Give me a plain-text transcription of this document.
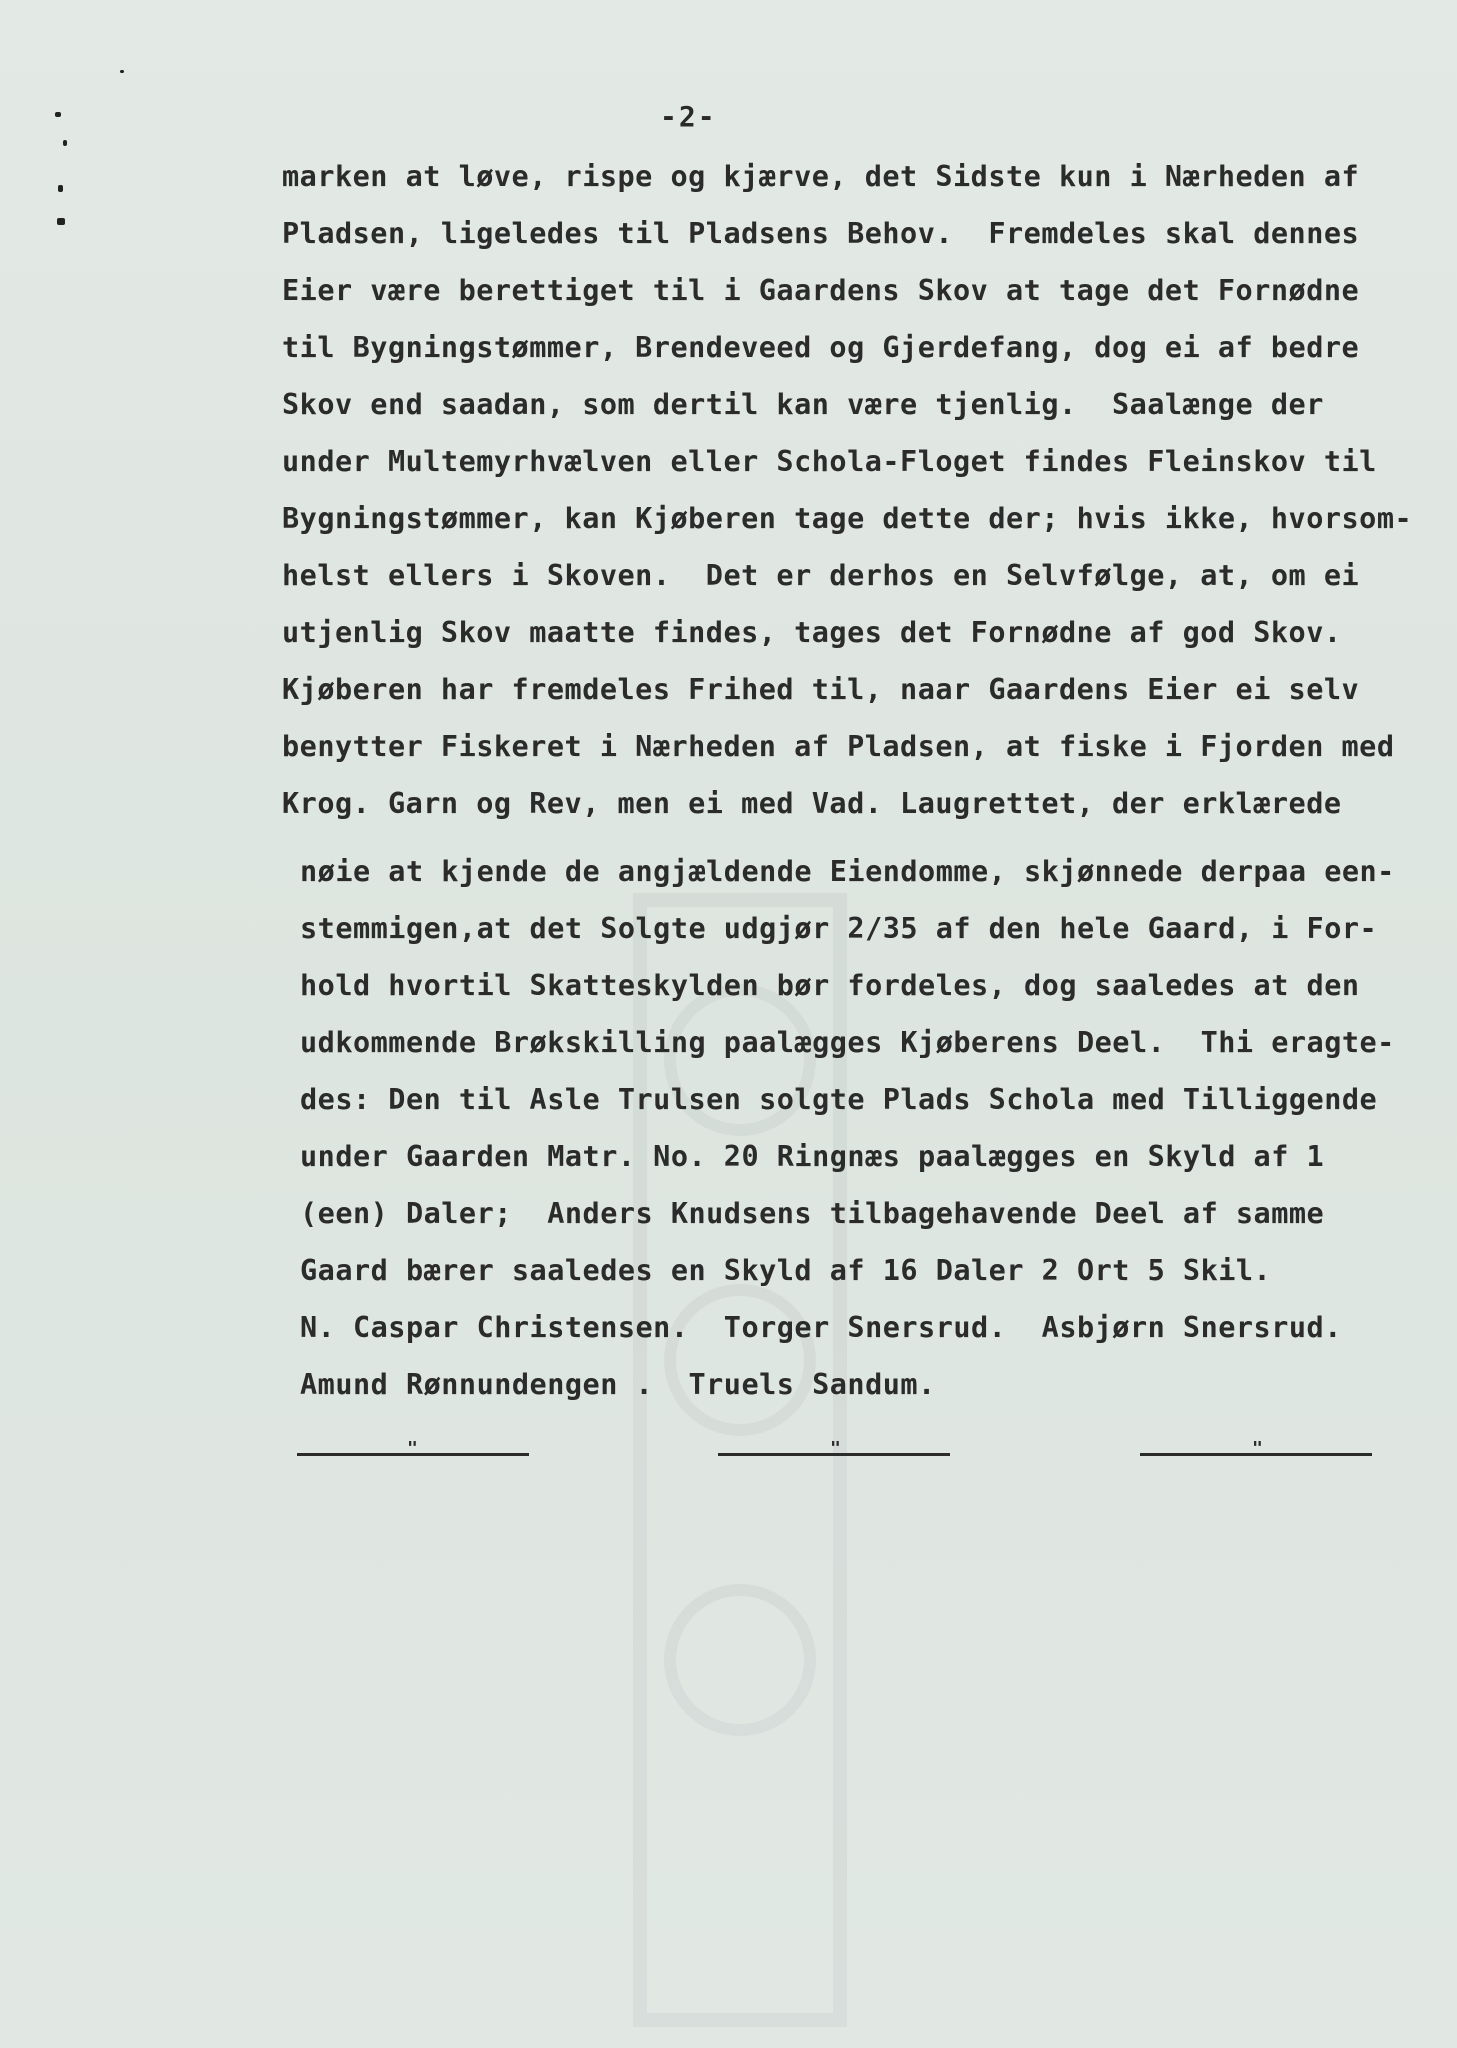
-2-
marken at løve, rispe og kjærve, det Sidste kun i Nærheden af
Pladsen, ligeledes til Pladsens Behov.  Fremdeles skal dennes
Eier være berettiget til i Gaardens Skov at tage det Fornødne
til Bygningstømmer, Brendeveed og Gjerdefang, dog ei af bedre
Skov end saadan, som dertil kan være tjenlig.  Saalænge der
under Multemyrhvælven eller Schola-Floget findes Fleinskov til
Bygningstømmer, kan Kjøberen tage dette der; hvis ikke, hvorsom-
helst ellers i Skoven.  Det er derhos en Selvfølge, at, om ei
utjenlig Skov maatte findes, tages det Fornødne af god Skov.
Kjøberen har fremdeles Frihed til, naar Gaardens Eier ei selv
benytter Fiskeret i Nærheden af Pladsen, at fiske i Fjorden med
Krog. Garn og Rev, men ei med Vad. Laugrettet, der erklærede
nøie at kjende de angjældende Eiendomme, skjønnede derpaa een-
stemmigen,at det Solgte udgjør 2/35 af den hele Gaard, i For-
hold hvortil Skatteskylden bør fordeles, dog saaledes at den
udkommende Brøkskilling paalægges Kjøberens Deel.  Thi eragte-
des: Den til Asle Trulsen solgte Plads Schola med Tilliggende
under Gaarden Matr. No. 20 Ringnæs paalægges en Skyld af 1
(een) Daler;  Anders Knudsens tilbagehavende Deel af samme
Gaard bærer saaledes en Skyld af 16 Daler 2 Ort 5 Skil.
N. Caspar Christensen.  Torger Snersrud.  Asbjørn Snersrud.
Amund Rønnundengen .  Truels Sandum.
"	"	"
